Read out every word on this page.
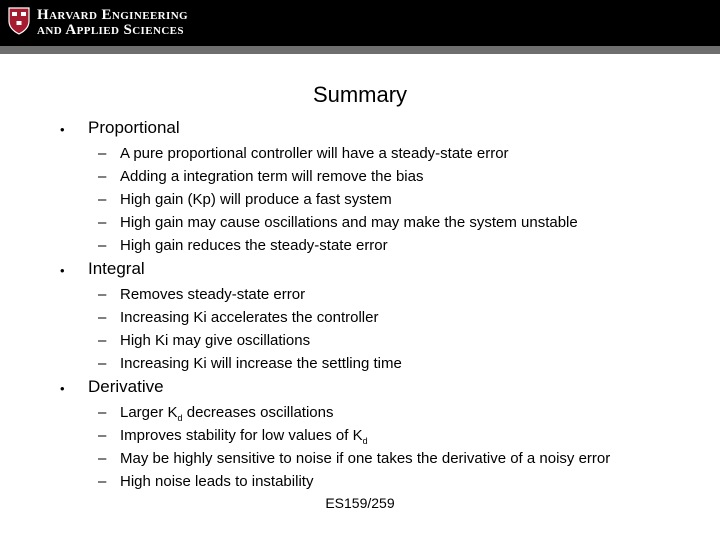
Harvard Engineering
and Applied Sciences
Summary
• Proportional
– A pure proportional controller will have a steady-state error
– Adding a integration term will remove the bias
– High gain (Kp) will produce a fast system
– High gain may cause oscillations and may make the system unstable
– High gain reduces the steady-state error
• Integral
– Removes steady-state error
– Increasing Ki accelerates the controller
– High Ki may give oscillations
– Increasing Ki will increase the settling time
• Derivative
– Larger $K_d$ decreases oscillations
– Improves stability for low values of $K_d$
– May be highly sensitive to noise if one takes the derivative of a noisy error
– High noise leads to instability
ES159/259
